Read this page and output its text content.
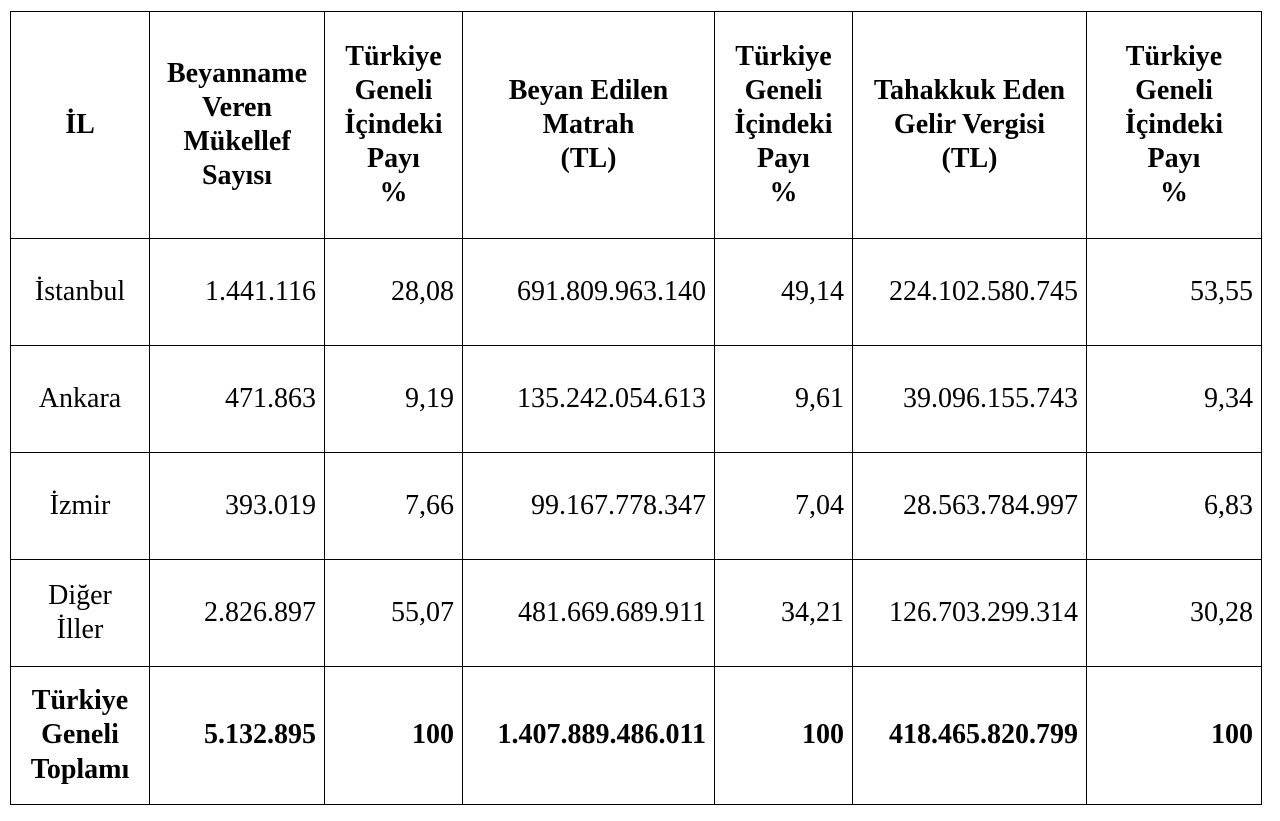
İL	Beyanname
Veren
Mükellef
Sayısı	Türkiye
Geneli
İçindeki
Payı
%	Beyan Edilen
Matrah
(TL)	Türkiye
Geneli
İçindeki
Payı
%	Tahakkuk Eden
Gelir Vergisi
(TL)	Türkiye
Geneli
İçindeki
Payı
%

İstanbul	1.441.116	28,08	691.809.963.140	49,14	224.102.580.745	53,55

Ankara	471.863	9,19	135.242.054.613	9,61	39.096.155.743	9,34

İzmir	393.019	7,66	99.167.778.347	7,04	28.563.784.997	6,83

Diğer
İller	2.826.897	55,07	481.669.689.911	34,21	126.703.299.314	30,28

Türkiye
Geneli
Toplamı	5.132.895	100	1.407.889.486.011	100	418.465.820.799	100
